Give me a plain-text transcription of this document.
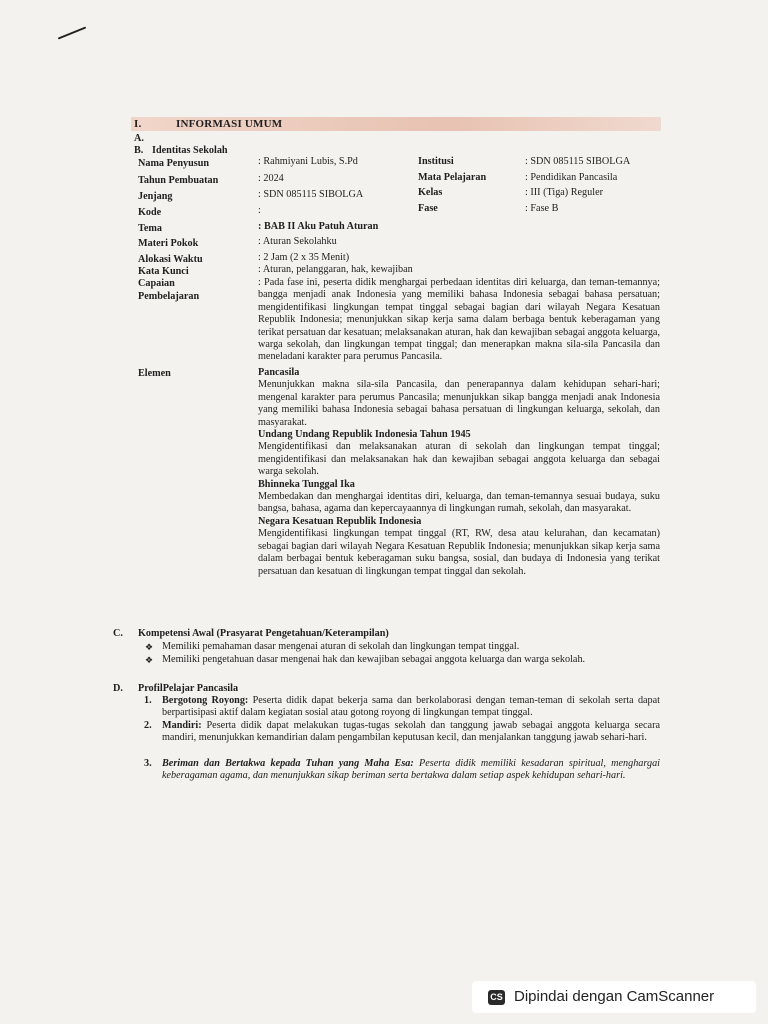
I.	INFORMASI UMUM
A.
B. Identitas Sekolah
Nama Penyusun	: Rahmiyani Lubis, S.Pd
Tahun Pembuatan	: 2024
Jenjang	: SDN 085115 SIBOLGA
Kode	:
Tema	: BAB II Aku Patuh Aturan
Materi Pokok	: Aturan Sekolahku
Alokasi Waktu	: 2 Jam (2 x 35 Menit)
Kata Kunci	: Aturan, pelanggaran, hak, kewajiban
Institusi	: SDN 085115 SIBOLGA
Mata Pelajaran	: Pendidikan Pancasila
Kelas	: III (Tiga) Reguler
Fase	: Fase B
Capaian
Pembelajaran
: Pada fase ini, peserta didik menghargai perbedaan identitas diri keluarga, dan teman-temannya; bangga menjadi anak Indonesia yang memiliki bahasa Indonesia sebagai bahasa persatuan; mengidentifikasi lingkungan tempat tinggal sebagai bagian dari wilayah Negara Kesatuan Republik Indonesia; menunjukkan sikap kerja sama dalam berbaga bentuk keberagaman yang terikat persatuan dar kesatuan; melaksanakan aturan, hak dan kewajiban sebagai anggota keluarga, warga sekolah, dan lingkungan tempat tinggal; dan menerapkan makna sila-sila Pancasila dan meneladani karakter para perumus Pancasila.
Elemen	Pancasila
Menunjukkan makna sila-sila Pancasila, dan penerapannya dalam kehidupan sehari-hari; mengenal karakter para perumus Pancasila; menunjukkan sikap bangga menjadi anak Indonesia yang memiliki bahasa Indonesia sebagai bahasa persatuan di lingkungan keluarga, sekolah, dan masyarakat.
Undang Undang Republik Indonesia Tahun 1945
Mengidentifikasi dan melaksanakan aturan di sekolah dan lingkungan tempat tinggal; mengidentifikasi dan melaksanakan hak dan kewajiban sebagai anggota keluarga dan sebagai warga sekolah.
Bhinneka Tunggal Ika
Membedakan dan menghargai identitas diri, keluarga, dan teman-temannya sesuai budaya, suku bangsa, bahasa, agama dan kepercayaannya di lingkungan rumah, sekolah, dan masyarakat.
Negara Kesatuan Republik Indonesia
Mengidentifikasi lingkungan tempat tinggal (RT, RW, desa atau kelurahan, dan kecamatan) sebagai bagian dari wilayah Negara Kesatuan Republik Indonesia; menunjukkan sikap kerja sama dalam berbagai bentuk keberagaman suku bangsa, sosial, dan budaya di Indonesia yang terikat persatuan dan kesatuan di lingkungan tempat tinggal dan sekolah.
C. Kompetensi Awal (Prasyarat Pengetahuan/Keterampilan)
❖ Memiliki pemahaman dasar mengenai aturan di sekolah dan lingkungan tempat tinggal.
❖ Memiliki pengetahuan dasar mengenai hak dan kewajiban sebagai anggota keluarga dan warga sekolah.
D. ProfilPelajar Pancasila
1. Bergotong Royong: Peserta didik dapat bekerja sama dan berkolaborasi dengan teman-teman di sekolah serta dapat berpartisipasi aktif dalam kegiatan sosial atau gotong royong di lingkungan tempat tinggal.
2. Mandiri: Peserta didik dapat melakukan tugas-tugas sekolah dan tanggung jawab sebagai anggota keluarga secara mandiri, menunjukkan kemandirian dalam pengambilan keputusan kecil, dan menjalankan tanggung jawab sehari-hari.
3. Beriman dan Bertakwa kepada Tuhan yang Maha Esa: Peserta didik memiliki kesadaran spiritual, menghargai keberagaman agama, dan menunjukkan sikap beriman serta bertakwa dalam setiap aspek kehidupan sehari-hari.
CS Dipindai dengan CamScanner
